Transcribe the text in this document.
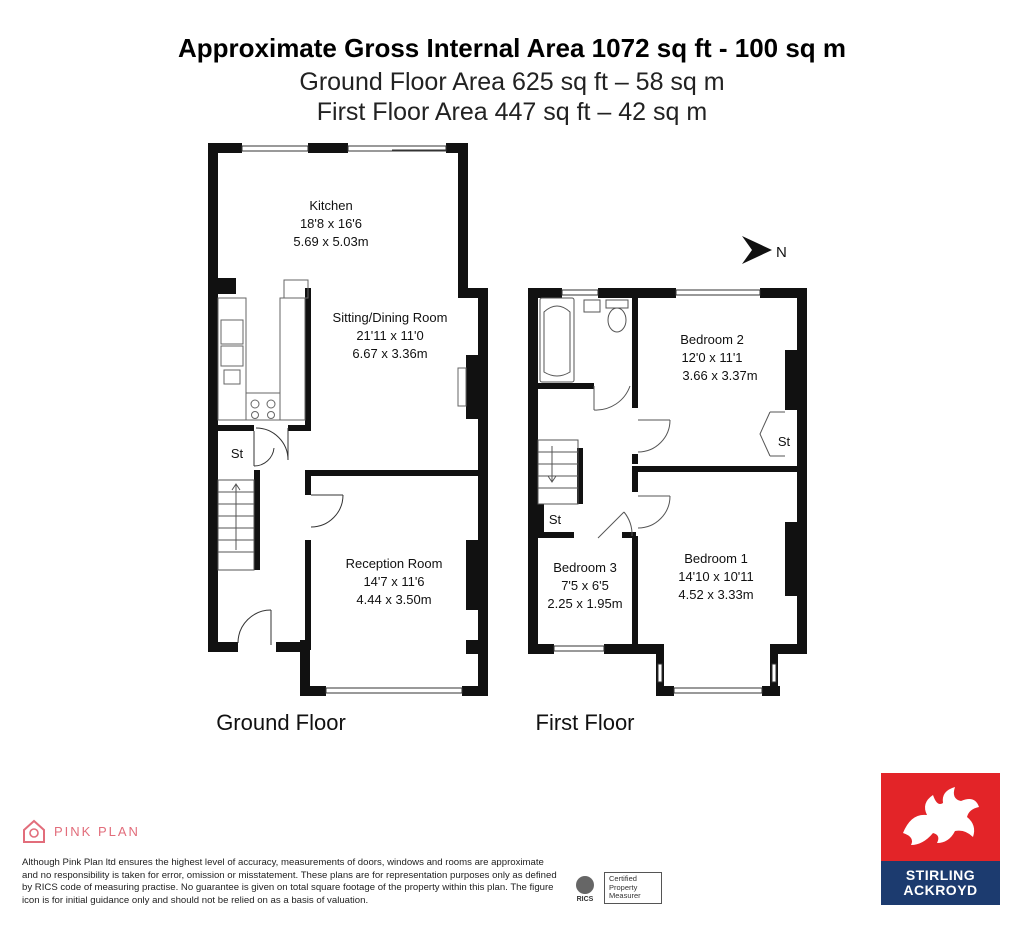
Approximate Gross Internal Area 1072 sq ft - 100 sq m
Ground Floor Area 625 sq ft – 58 sq m
First Floor Area 447 sq ft – 42 sq m
Kitchen
18'8 x 16'6
5.69 x 5.03m
Sitting/Dining Room
21'11 x 11'0
6.67 x 3.36m
Reception Room
14'7 x 11'6
4.44 x 3.50m
St
Ground Floor
Bedroom 2
12'0 x 11'1
3.66 x 3.37m
Bedroom 1
14'10 x 10'11
4.52 x 3.33m
Bedroom 3
7'5 x 6'5
2.25 x 1.95m
St
St
First Floor
N
PINK PLAN
Although Pink Plan ltd ensures the highest level of accuracy, measurements of doors, windows and rooms are approximate and no responsibility is taken for error, omission or misstatement. These plans are for representation purposes only as defined by RICS code of measuring practise. No guarantee is given on total square footage of the property within this plan. The figure icon is for initial guidance only and should not be relied on as a basis of valuation.	RICS
Certified Property Measurer
STIRLING
ACKROYD
